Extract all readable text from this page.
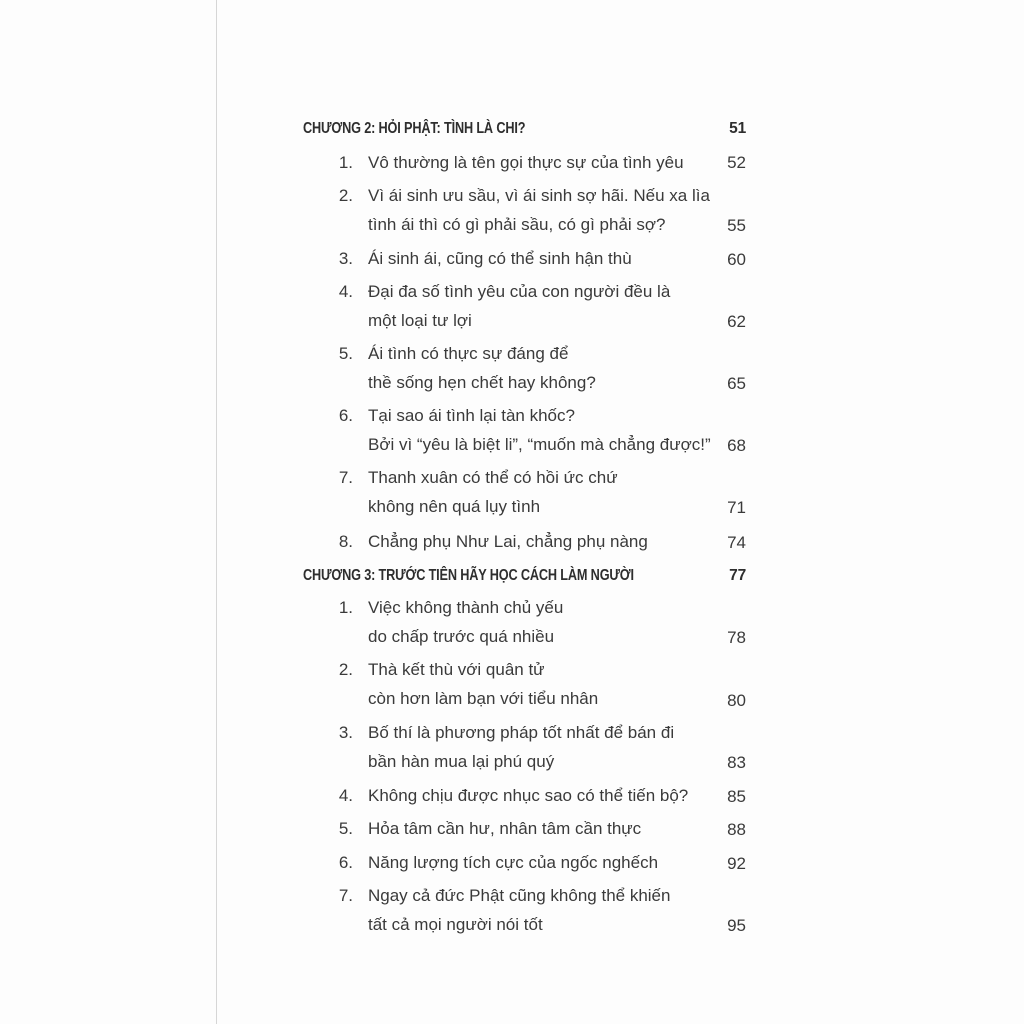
CHƯƠNG 2: HỎI PHẬT: TÌNH LÀ CHI?	51
1. Vô thường là tên gọi thực sự của tình yêu	52
2. Vì ái sinh ưu sầu, vì ái sinh sợ hãi. Nếu xa lìa
tình ái thì có gì phải sầu, có gì phải sợ?	55
3. Ái sinh ái, cũng có thể sinh hận thù	60
4. Đại đa số tình yêu của con người đều là
một loại tư lợi	62
5. Ái tình có thực sự đáng để
thề sống hẹn chết hay không?	65
6. Tại sao ái tình lại tàn khốc?
Bởi vì “yêu là biệt li”, “muốn mà chẳng được!” 68
7. Thanh xuân có thể có hồi ức chứ
không nên quá lụy tình	71
8. Chẳng phụ Như Lai, chẳng phụ nàng	74
CHƯƠNG 3: TRƯỚC TIÊN HÃY HỌC CÁCH LÀM NGƯỜI	77
1. Việc không thành chủ yếu
do chấp trước quá nhiều	78
2. Thà kết thù với quân tử
còn hơn làm bạn với tiểu nhân	80
3. Bố thí là phương pháp tốt nhất để bán đi
bần hàn mua lại phú quý	83
4. Không chịu được nhục sao có thể tiến bộ? 85
5. Hỏa tâm cần hư, nhân tâm cần thực	88
6. Năng lượng tích cực của ngốc nghếch	92
7. Ngay cả đức Phật cũng không thể khiến
tất cả mọi người nói tốt	95
